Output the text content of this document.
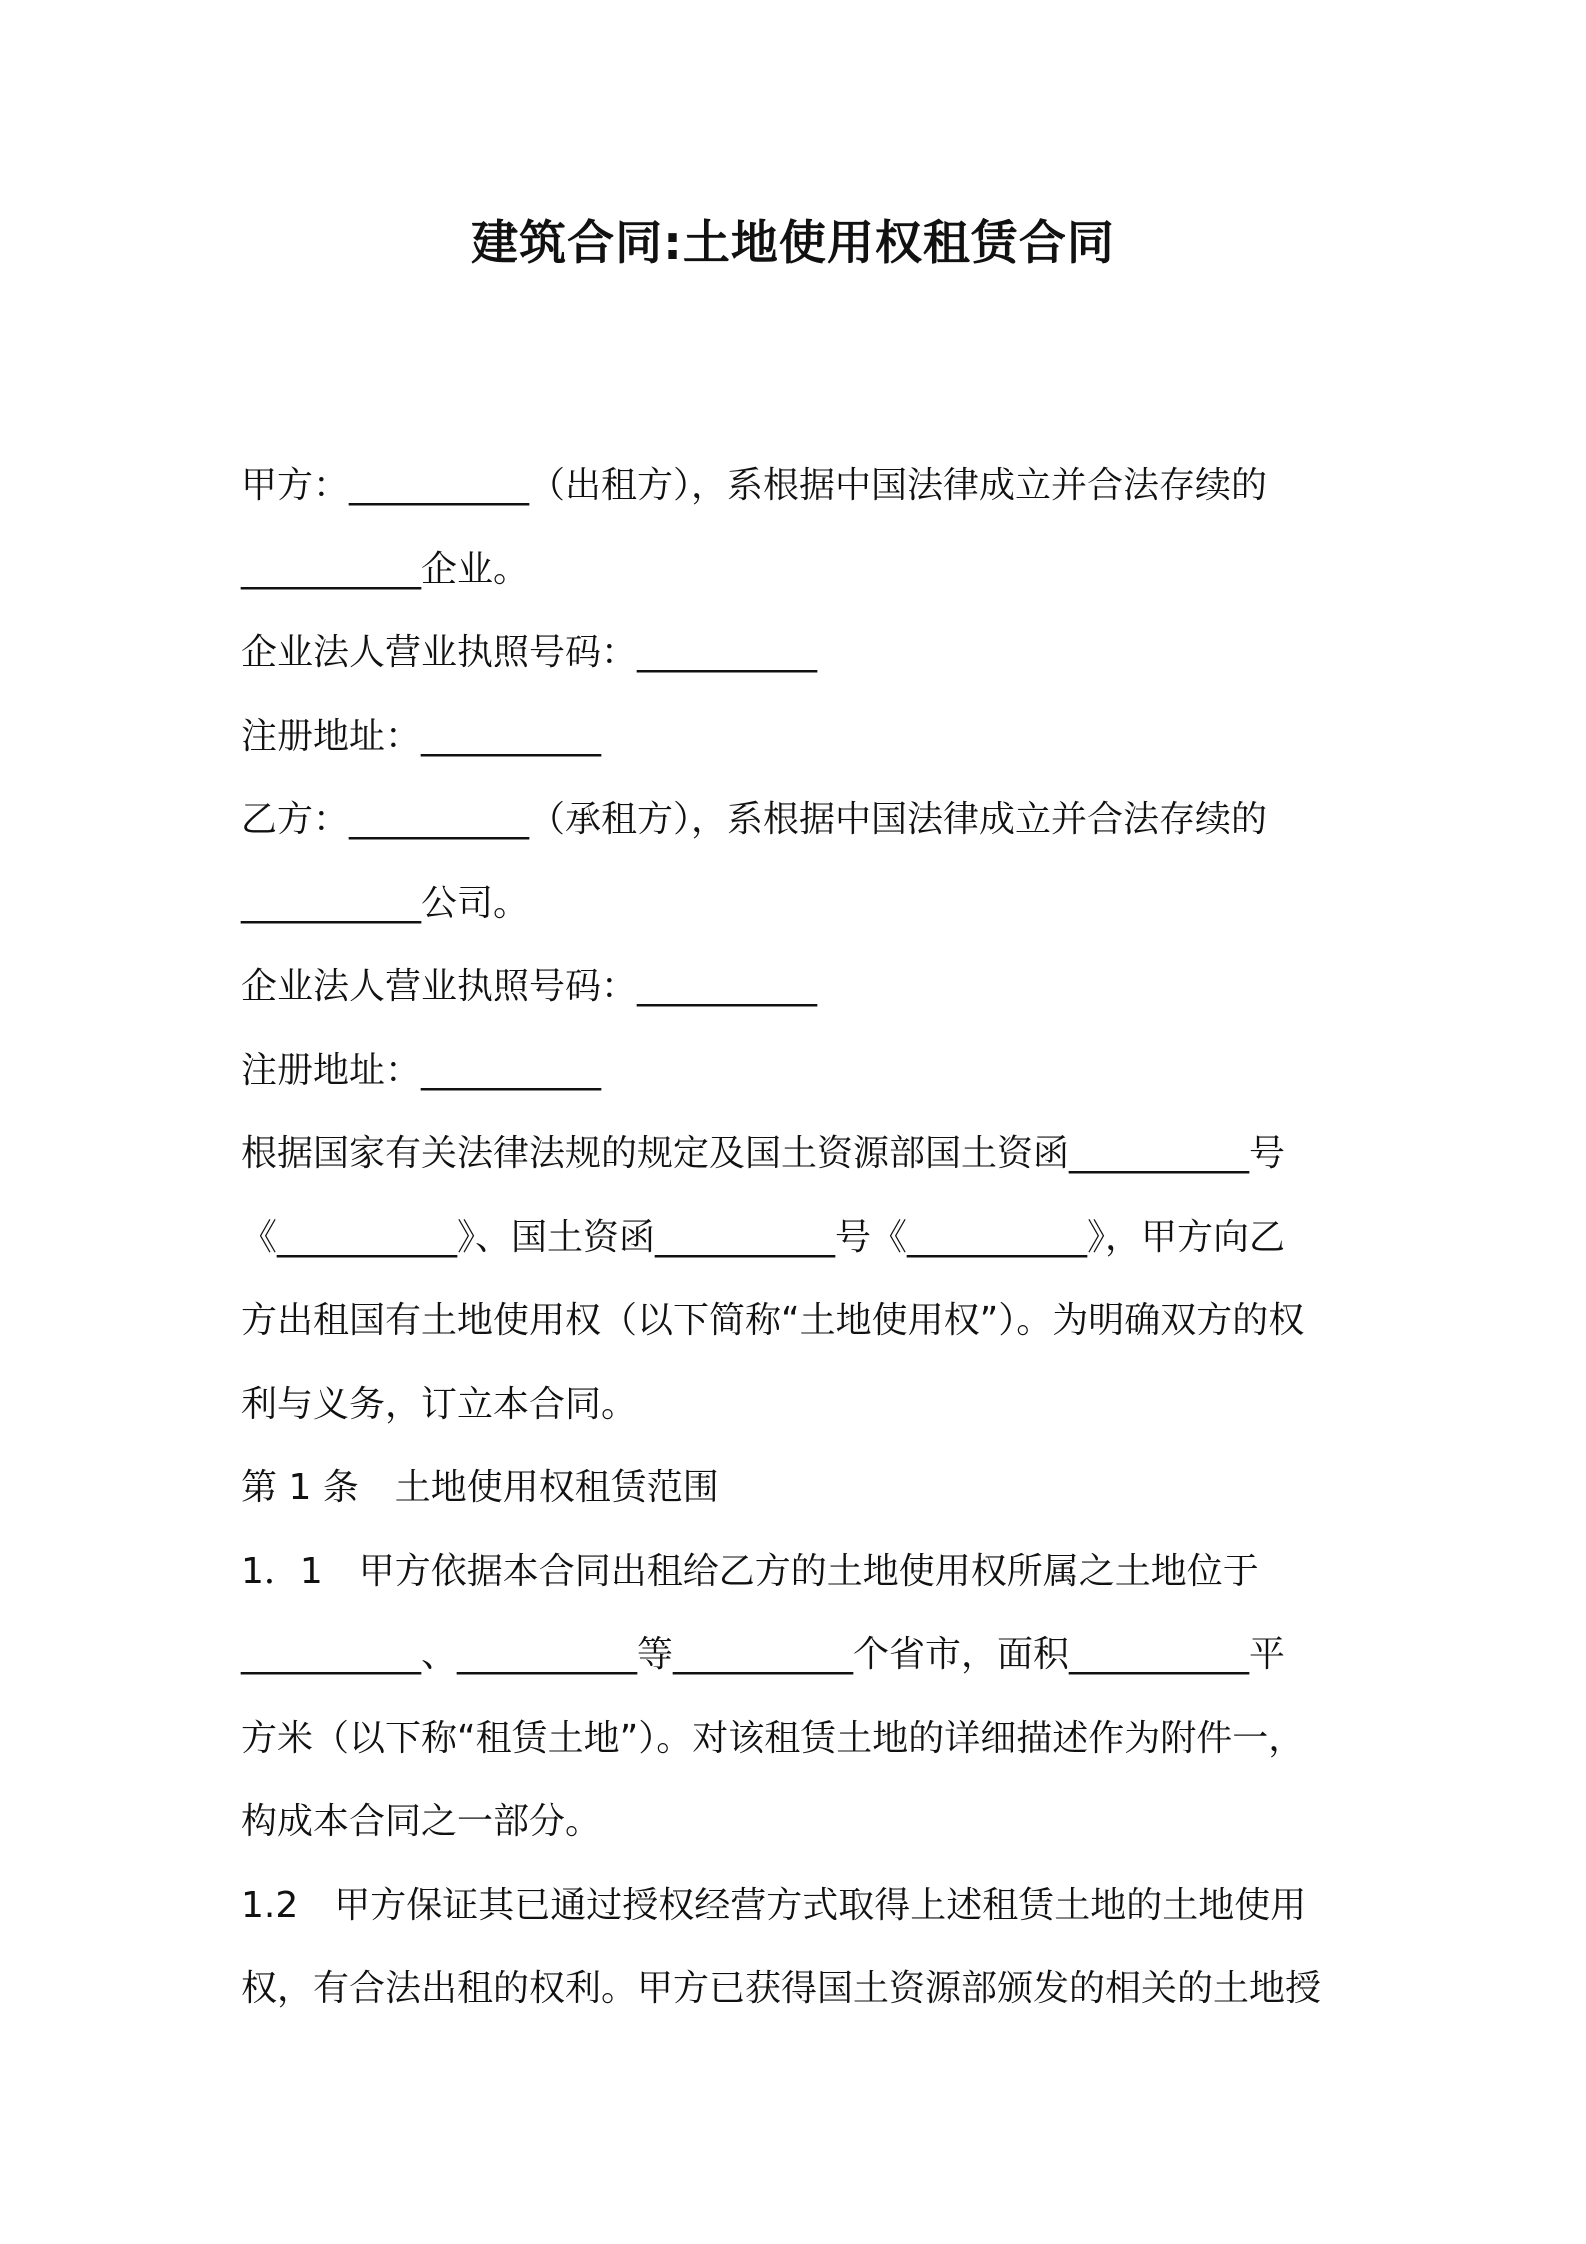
建筑合同:土地使用权租赁合同

甲方：__________（出租方），系根据中国法律成立并合法存续的

__________企业。

企业法人营业执照号码：__________

注册地址：__________

乙方：__________（承租方），系根据中国法律成立并合法存续的

__________公司。

企业法人营业执照号码：__________

注册地址：__________

根据国家有关法律法规的规定及国土资源部国土资函__________号

《__________》、国土资函__________号《__________》，甲方向乙

方出租国有土地使用权（以下简称“土地使用权”）。为明确双方的权

利与义务，订立本合同。

第 1 条　土地使用权租赁范围

1．1　甲方依据本合同出租给乙方的土地使用权所属之土地位于

__________、__________等__________个省市，面积__________平

方米（以下称“租赁土地”）。对该租赁土地的详细描述作为附件一，

构成本合同之一部分。

1.2　甲方保证其已通过授权经营方式取得上述租赁土地的土地使用

权，有合法出租的权利。甲方已获得国土资源部颁发的相关的土地授
